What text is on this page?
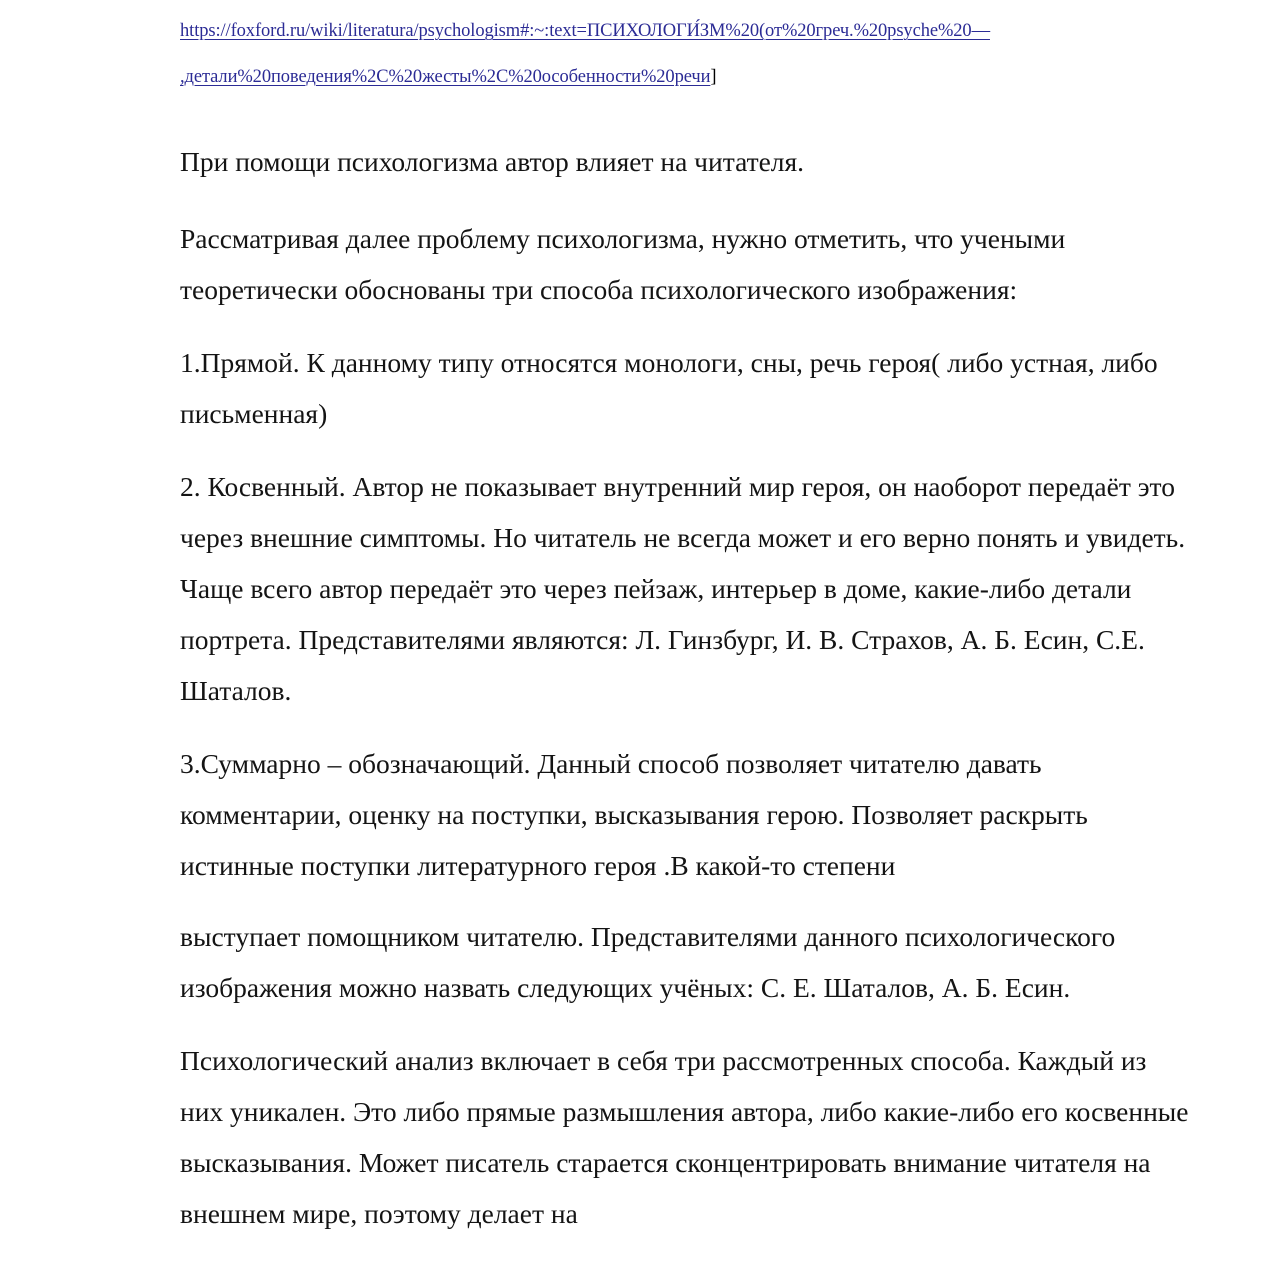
https://foxford.ru/wiki/literatura/psychologism#:~:text=ПСИХОЛОГИ́ЗМ%20(от%20греч.%20psyche%20—
,детали%20поведения%2C%20жесты%2C%20особенности%20речи]

При помощи психологизма автор влияет на читателя.

Рассматривая далее проблему психологизма, нужно отметить, что учеными теоретически обоснованы три способа психологического изображения:

1.Прямой. К данному типу относятся монологи, сны, речь героя( либо устная, либо письменная)

2. Косвенный. Автор не показывает внутренний мир героя, он наоборот передаёт это через внешние симптомы. Но читатель не всегда может и его верно понять и увидеть. Чаще всего автор передаёт это через пейзаж, интерьер в доме, какие-либо детали портрета. Представителями являются: Л. Гинзбург, И. В. Страхов, А. Б. Есин, С.Е. Шаталов.

3.Суммарно – обозначающий. Данный способ позволяет читателю давать комментарии, оценку на поступки, высказывания герою. Позволяет раскрыть истинные поступки литературного героя .В какой-то степени

выступает помощником читателю. Представителями данного психологического изображения можно назвать следующих учёных: С. Е. Шаталов, А. Б. Есин.

Психологический анализ включает в себя три рассмотренных способа. Каждый из них уникален. Это либо прямые размышления автора, либо какие-либо его косвенные высказывания. Может писатель старается сконцентрировать внимание читателя на внешнем мире, поэтому делает на
